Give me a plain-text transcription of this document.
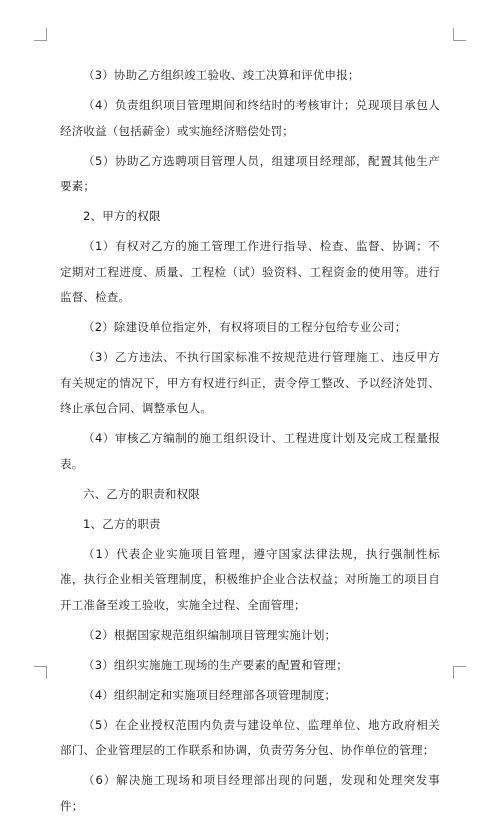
（3）协助乙方组织竣工验收、竣工决算和评优申报；

（4）负责组织项目管理期间和终结时的考核审计；兑现项目承包人经济收益（包括薪金）或实施经济赔偿处罚；

（5）协助乙方选聘项目管理人员，组建项目经理部，配置其他生产要素；

2、甲方的权限

（1）有权对乙方的施工管理工作进行指导、检查、监督、协调；不定期对工程进度、质量、工程检（试）验资料、工程资金的使用等。进行监督、检查。

（2）除建设单位指定外，有权将项目的工程分包给专业公司；

（3）乙方违法、不执行国家标准不按规范进行管理施工、违反甲方有关规定的情况下，甲方有权进行纠正，责令停工整改、予以经济处罚、终止承包合同、调整承包人。

（4）审核乙方编制的施工组织设计、工程进度计划及完成工程量报表。

六、乙方的职责和权限

1、乙方的职责

（1）代表企业实施项目管理，遵守国家法律法规，执行强制性标准，执行企业相关管理制度，积极维护企业合法权益；对所施工的项目自开工准备至竣工验收，实施全过程、全面管理；

（2）根据国家规范组织编制项目管理实施计划；

（3）组织实施施工现场的生产要素的配置和管理；

（4）组织制定和实施项目经理部各项管理制度；

（5）在企业授权范围内负责与建设单位、监理单位、地方政府相关部门、企业管理层的工作联系和协调，负责劳务分包、协作单位的管理；

（6）解决施工现场和项目经理部出现的问题，发现和处理突发事件；
